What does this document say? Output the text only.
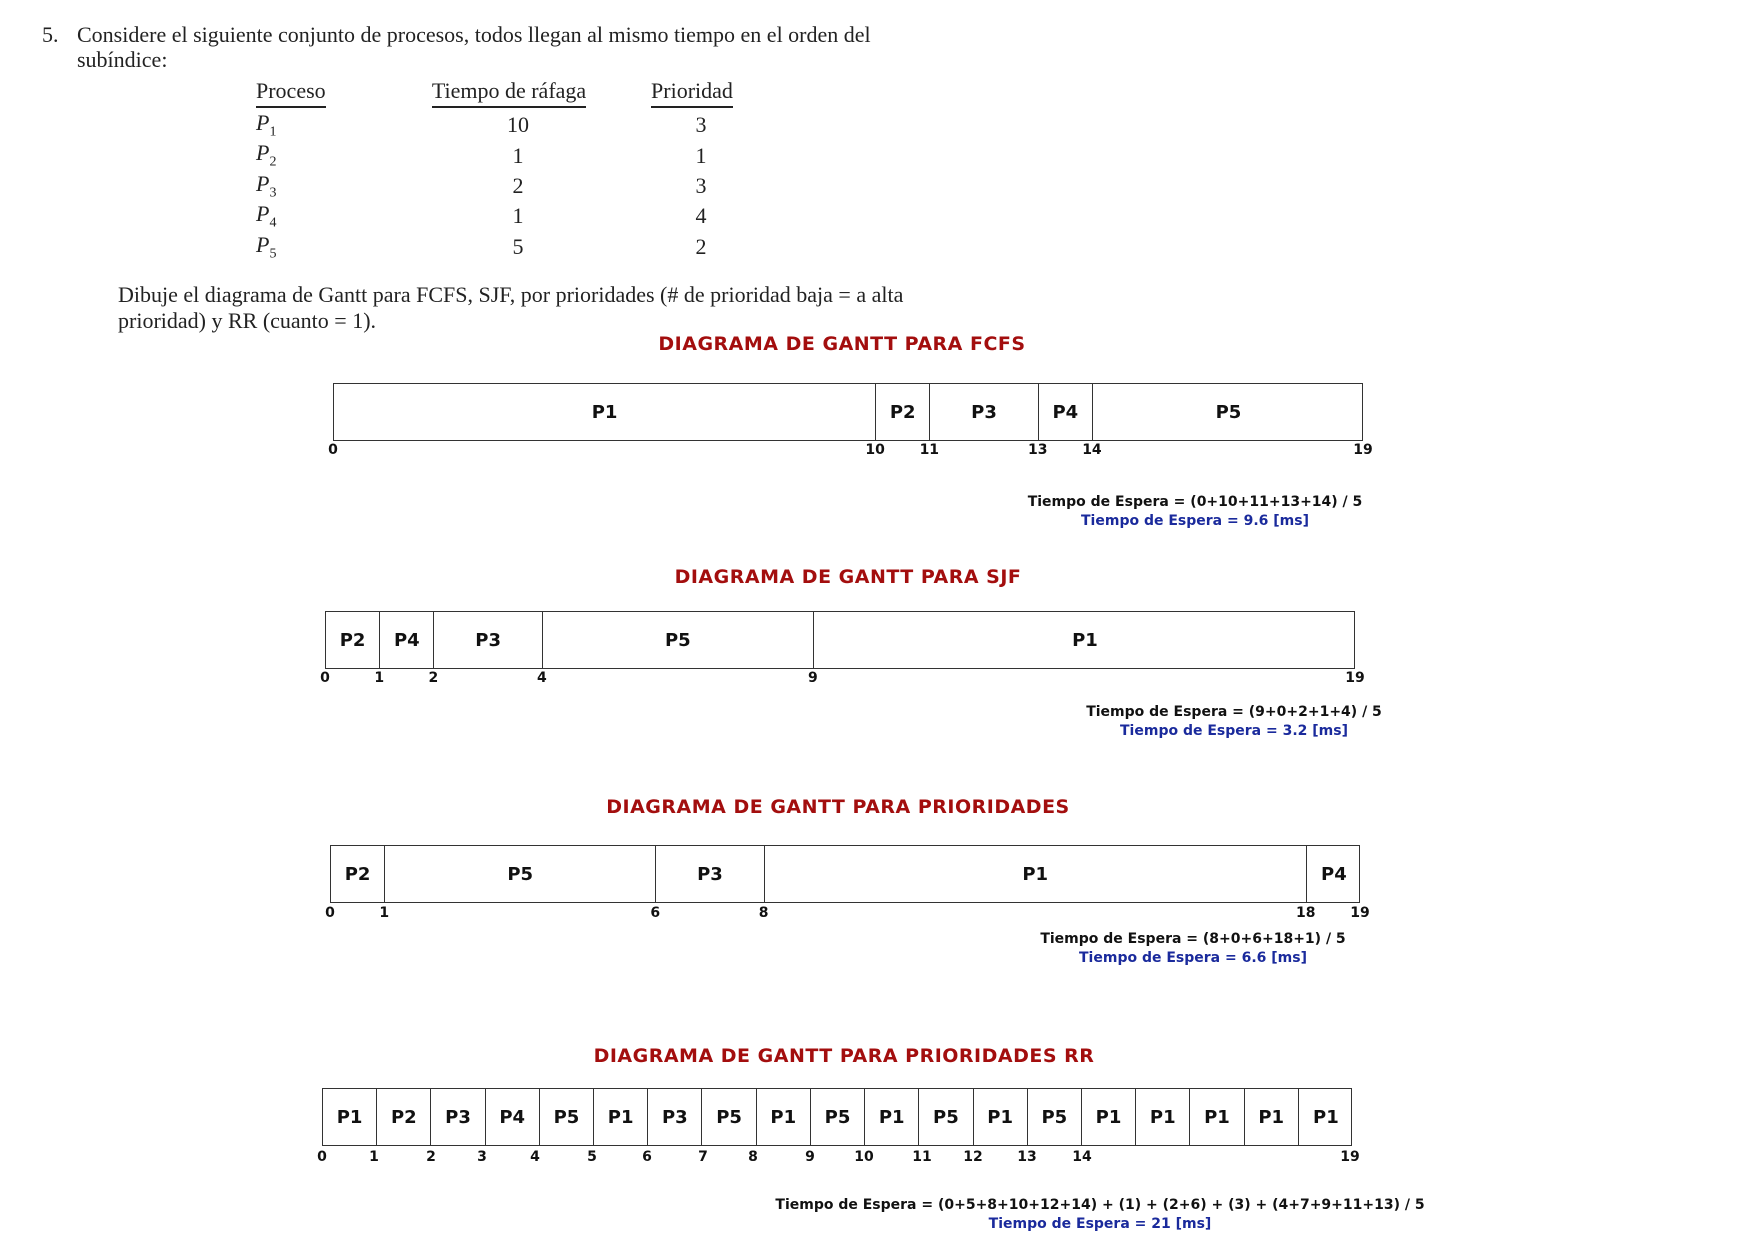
5. Considere el siguiente conjunto de procesos, todos llegan al mismo tiempo en el orden del subíndice:
Proceso	Tiempo de ráfaga	Prioridad
$P_1$	10	3
$P_2$	1	1
$P_3$	2	3
$P_4$	1	4
$P_5$	5	2
Dibuje el diagrama de Gantt para FCFS, SJF, por prioridades (# de prioridad baja = a alta prioridad) y RR (cuanto = 1).
DIAGRAMA DE GANTT PARA FCFS
P1	P2	P3	P4	P5
0	10 11	13 14	19
Tiempo de Espera = (0+10+11+13+14) / 5
Tiempo de Espera = 9.6 [ms]
DIAGRAMA DE GANTT PARA SJF
P2	P4	P3	P5	P1
0	1	2	4	9	19
Tiempo de Espera = (9+0+2+1+4) / 5
Tiempo de Espera = 3.2 [ms]
DIAGRAMA DE GANTT PARA PRIORIDADES
P2	P5	P3	P1	P4
0	1	6	8	18 19
Tiempo de Espera = (8+0+6+18+1) / 5
Tiempo de Espera = 6.6 [ms]
DIAGRAMA DE GANTT PARA PRIORIDADES RR
P1	P2	P3	P4	P5	P1	P3	P5	P1	P5	P1	P5	P1	P5	P1	P1	P1	P1	P1
0	1	2	3	4	5	6	7	8	9	10	11 12 13	14	19
Tiempo de Espera = (0+5+8+10+12+14) + (1) + (2+6) + (3) + (4+7+9+11+13) / 5
Tiempo de Espera = 21 [ms]
